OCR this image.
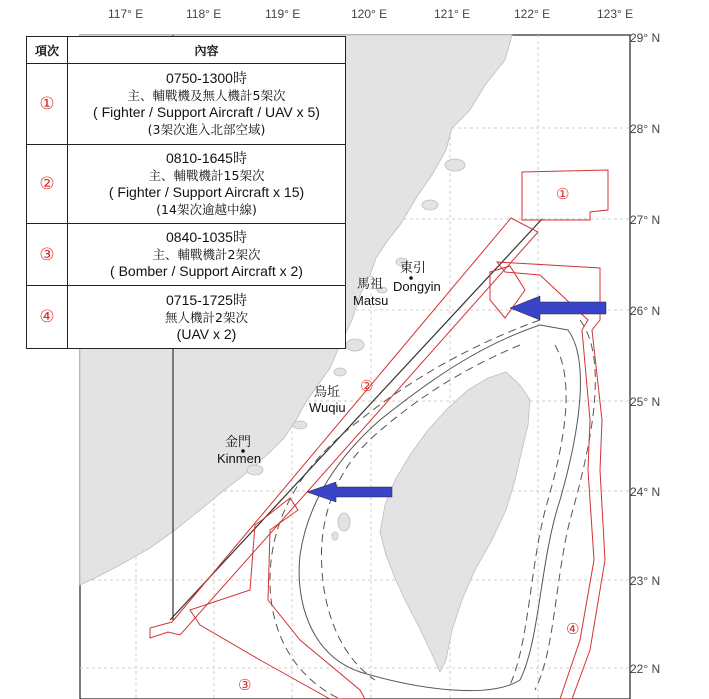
①
②
③
④
東引
Dongyin
馬祖
Matsu
烏坵
Wuqiu
金門
Kinmen
117° E	118° E	119° E	120° E	121° E	122° E	123° E
29° N
28° N
27° N
26° N
25° N
24° N
23° N
22° N
項次	內容
①	0750-1300時
主、輔戰機及無人機計5架次
( Fighter / Support Aircraft / UAV x 5)
(3架次進入北部空域)

②	0810-1645時
主、輔戰機計15架次
( Fighter / Support Aircraft x 15)
(14架次逾越中線)

③	0840-1035時
主、輔戰機計2架次
( Bomber / Support Aircraft x 2)

④	0715-1725時
無人機計2架次
(UAV x 2)
